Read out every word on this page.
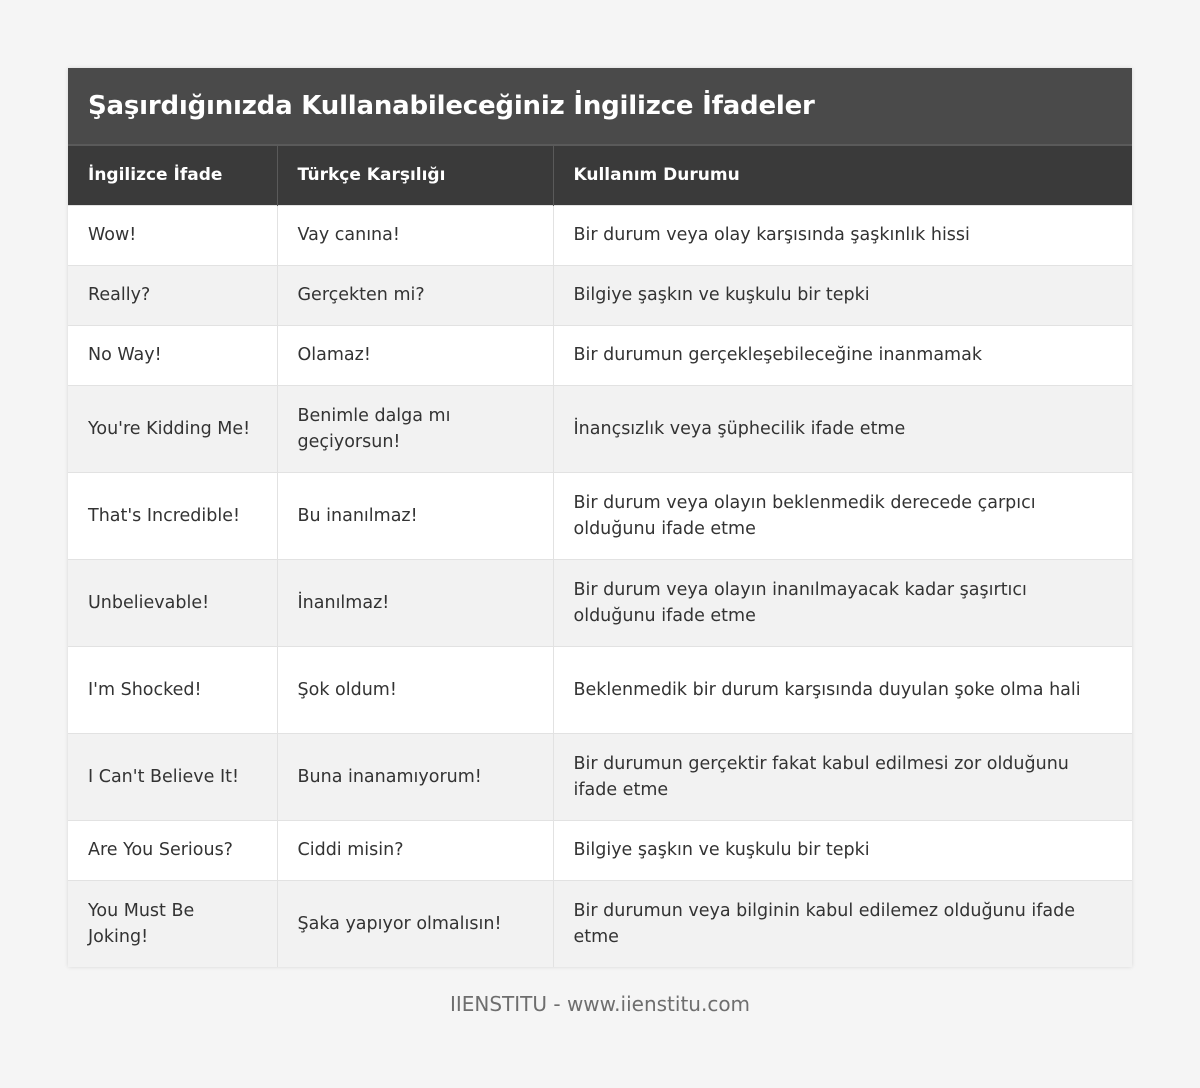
Şaşırdığınızda Kullanabileceğiniz İngilizce İfadeler
İngilizce İfade	Türkçe Karşılığı	Kullanım Durumu
Wow!	Vay canına!	Bir durum veya olay karşısında şaşkınlık hissi
Really?	Gerçekten mi?	Bilgiye şaşkın ve kuşkulu bir tepki
No Way!	Olamaz!	Bir durumun gerçekleşebileceğine inanmamak
You're Kidding Me!	Benimle dalga mı geçiyorsun!	İnançsızlık veya şüphecilik ifade etme
That's Incredible!	Bu inanılmaz!	Bir durum veya olayın beklenmedik derecede çarpıcı olduğunu ifade etme
Unbelievable!	İnanılmaz!	Bir durum veya olayın inanılmayacak kadar şaşırtıcı olduğunu ifade etme
I'm Shocked!	Şok oldum!	Beklenmedik bir durum karşısında duyulan şoke olma hali
I Can't Believe It!	Buna inanamıyorum!	Bir durumun gerçektir fakat kabul edilmesi zor olduğunu ifade etme
Are You Serious?	Ciddi misin?	Bilgiye şaşkın ve kuşkulu bir tepki
You Must Be Joking!	Şaka yapıyor olmalısın!	Bir durumun veya bilginin kabul edilemez olduğunu ifade etme
IIENSTITU - www.iienstitu.com
